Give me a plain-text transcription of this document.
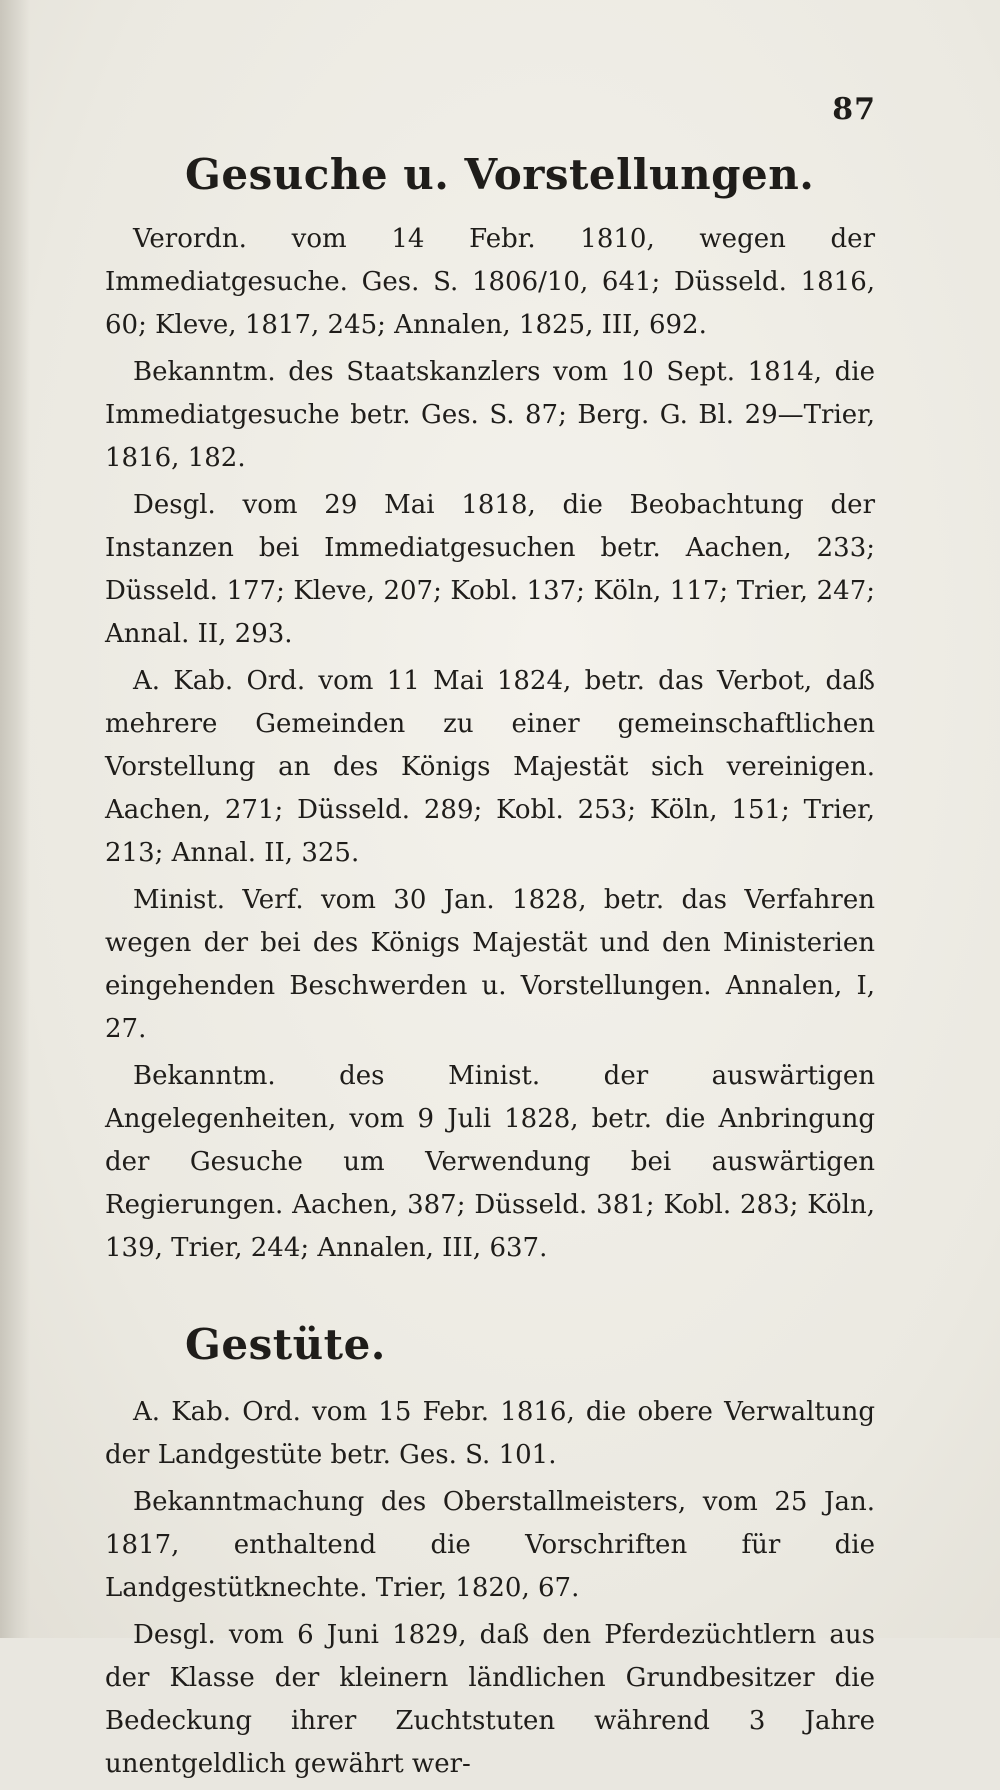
87
Gesuche u. Vorstellungen.

Verordn. vom 14 Febr. 1810, wegen der Immediatgesuche. Ges. S. 1806/10, 641; Düsseld. 1816, 60; Kleve, 1817, 245; Annalen, 1825, III, 692.

Bekanntm. des Staatskanzlers vom 10 Sept. 1814, die Immediatgesuche betr. Ges. S. 87; Berg. G. Bl. 29—Trier, 1816, 182.

Desgl. vom 29 Mai 1818, die Beobachtung der Instanzen bei Immediatgesuchen betr. Aachen, 233; Düsseld. 177; Kleve, 207; Kobl. 137; Köln, 117; Trier, 247; Annal. II, 293.

A. Kab. Ord. vom 11 Mai 1824, betr. das Verbot, daß mehrere Gemeinden zu einer gemeinschaftlichen Vorstellung an des Königs Majestät sich vereinigen. Aachen, 271; Düsseld. 289; Kobl. 253; Köln, 151; Trier, 213; Annal. II, 325.

Minist. Verf. vom 30 Jan. 1828, betr. das Verfahren wegen der bei des Königs Majestät und den Ministerien eingehenden Beschwerden u. Vorstellungen. Annalen, I, 27.

Bekanntm. des Minist. der auswärtigen Angelegenheiten, vom 9 Juli 1828, betr. die Anbringung der Gesuche um Verwendung bei auswärtigen Regierungen. Aachen, 387; Düsseld. 381; Kobl. 283; Köln, 139, Trier, 244; Annalen, III, 637.

Gestüte.

A. Kab. Ord. vom 15 Febr. 1816, die obere Verwaltung der Landgestüte betr. Ges. S. 101.

Bekanntmachung des Oberstallmeisters, vom 25 Jan. 1817, enthaltend die Vorschriften für die Landgestütknechte. Trier, 1820, 67.

Desgl. vom 6 Juni 1829, daß den Pferdezüchtlern aus der Klasse der kleinern ländlichen Grundbesitzer die Bedeckung ihrer Zuchtstuten während 3 Jahre unentgeldlich gewährt wer-
